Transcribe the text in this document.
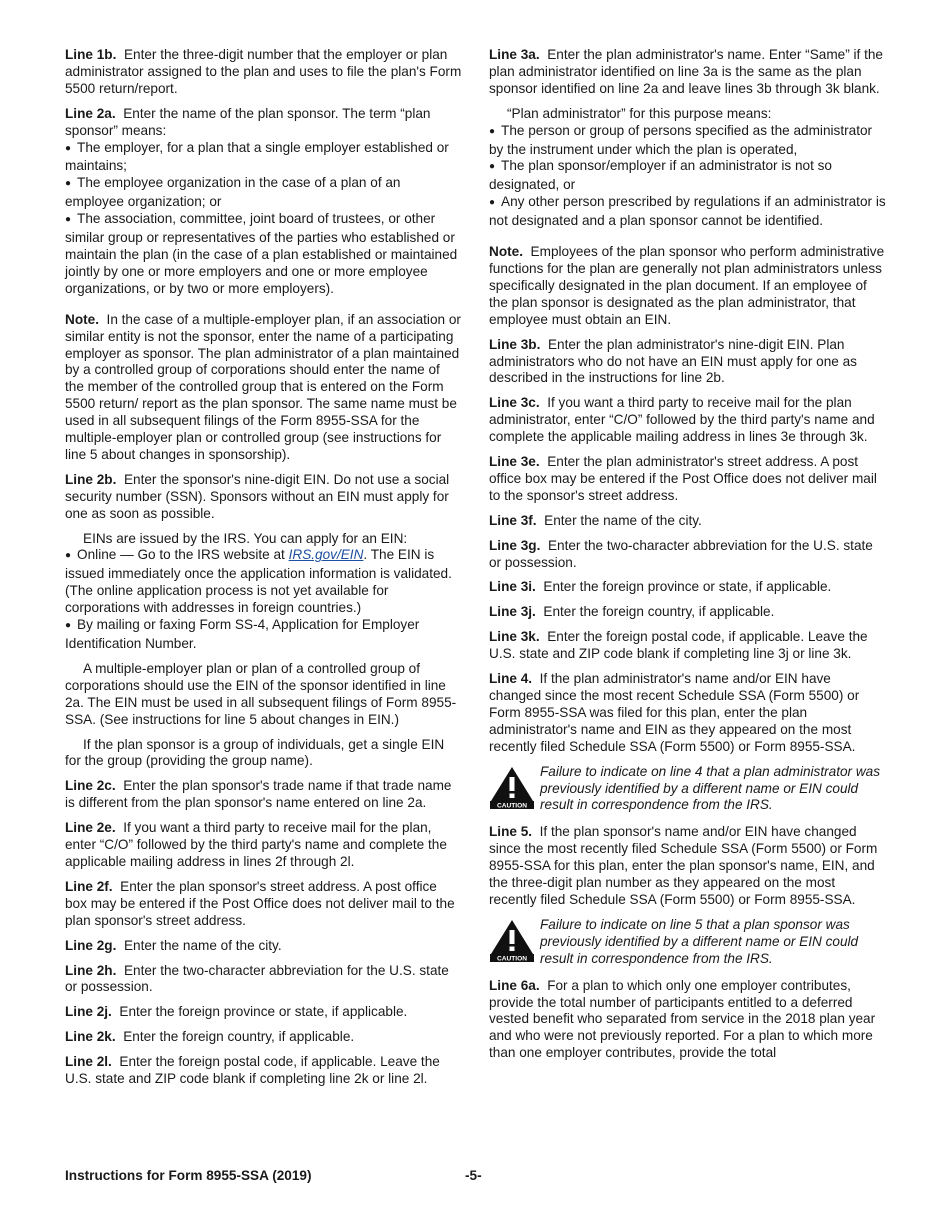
Line 1b. Enter the three-digit number that the employer or plan administrator assigned to the plan and uses to file the plan's Form 5500 return/report.

Line 2a. Enter the name of the plan sponsor. The term “plan sponsor” means:

● The employer, for a plan that a single employer established or maintains;

● The employee organization in the case of a plan of an employee organization; or

● The association, committee, joint board of trustees, or other similar group or representatives of the parties who established or maintain the plan (in the case of a plan established or maintained jointly by one or more employers and one or more employee organizations, or by two or more employers).

Note. In the case of a multiple-employer plan, if an association or similar entity is not the sponsor, enter the name of a participating employer as sponsor. The plan administrator of a plan maintained by a controlled group of corporations should enter the name of the member of the controlled group that is entered on the Form 5500 return/ report as the plan sponsor. The same name must be used in all subsequent filings of the Form 8955-SSA for the multiple-employer plan or controlled group (see instructions for line 5 about changes in sponsorship).

Line 2b. Enter the sponsor's nine-digit EIN. Do not use a social security number (SSN). Sponsors without an EIN must apply for one as soon as possible.

EINs are issued by the IRS. You can apply for an EIN:

● Online — Go to the IRS website at IRS.gov/EIN. The EIN is issued immediately once the application information is validated. (The online application process is not yet available for corporations with addresses in foreign countries.)

● By mailing or faxing Form SS-4, Application for Employer Identification Number.

A multiple-employer plan or plan of a controlled group of corporations should use the EIN of the sponsor identified in line 2a. The EIN must be used in all subsequent filings of Form 8955-SSA. (See instructions for line 5 about changes in EIN.)

If the plan sponsor is a group of individuals, get a single EIN for the group (providing the group name).

Line 2c. Enter the plan sponsor's trade name if that trade name is different from the plan sponsor's name entered on line 2a.

Line 2e. If you want a third party to receive mail for the plan, enter “C/O” followed by the third party's name and complete the applicable mailing address in lines 2f through 2l.

Line 2f. Enter the plan sponsor's street address. A post office box may be entered if the Post Office does not deliver mail to the plan sponsor's street address.

Line 2g. Enter the name of the city.

Line 2h. Enter the two-character abbreviation for the U.S. state or possession.

Line 2j. Enter the foreign province or state, if applicable.

Line 2k. Enter the foreign country, if applicable.

Line 2l. Enter the foreign postal code, if applicable. Leave the U.S. state and ZIP code blank if completing line 2k or line 2l.

Line 3a. Enter the plan administrator's name. Enter “Same” if the plan administrator identified on line 3a is the same as the plan sponsor identified on line 2a and leave lines 3b through 3k blank.

“Plan administrator” for this purpose means:

● The person or group of persons specified as the administrator by the instrument under which the plan is operated,

● The plan sponsor/employer if an administrator is not so designated, or

● Any other person prescribed by regulations if an administrator is not designated and a plan sponsor cannot be identified.

Note. Employees of the plan sponsor who perform administrative functions for the plan are generally not plan administrators unless specifically designated in the plan document. If an employee of the plan sponsor is designated as the plan administrator, that employee must obtain an EIN.

Line 3b. Enter the plan administrator's nine-digit EIN. Plan administrators who do not have an EIN must apply for one as described in the instructions for line 2b.

Line 3c. If you want a third party to receive mail for the plan administrator, enter “C/O” followed by the third party's name and complete the applicable mailing address in lines 3e through 3k.

Line 3e. Enter the plan administrator's street address. A post office box may be entered if the Post Office does not deliver mail to the sponsor's street address.

Line 3f. Enter the name of the city.

Line 3g. Enter the two-character abbreviation for the U.S. state or possession.

Line 3i. Enter the foreign province or state, if applicable.

Line 3j. Enter the foreign country, if applicable.

Line 3k. Enter the foreign postal code, if applicable. Leave the U.S. state and ZIP code blank if completing line 3j or line 3k.

Line 4. If the plan administrator's name and/or EIN have changed since the most recent Schedule SSA (Form 5500) or Form 8955-SSA was filed for this plan, enter the plan administrator's name and EIN as they appeared on the most recently filed Schedule SSA (Form 5500) or Form 8955-SSA.

CAUTION
Failure to indicate on line 4 that a plan administrator was previously identified by a different name or EIN could result in correspondence from the IRS.

Line 5. If the plan sponsor's name and/or EIN have changed since the most recently filed Schedule SSA (Form 5500) or Form 8955-SSA for this plan, enter the plan sponsor's name, EIN, and the three-digit plan number as they appeared on the most recently filed Schedule SSA (Form 5500) or Form 8955-SSA.

CAUTION
Failure to indicate on line 5 that a plan sponsor was previously identified by a different name or EIN could result in correspondence from the IRS.

Line 6a. For a plan to which only one employer contributes, provide the total number of participants entitled to a deferred vested benefit who separated from service in the 2018 plan year and who were not previously reported. For a plan to which more than one employer contributes, provide the total

Instructions for Form 8955-SSA (2019)	-5-
